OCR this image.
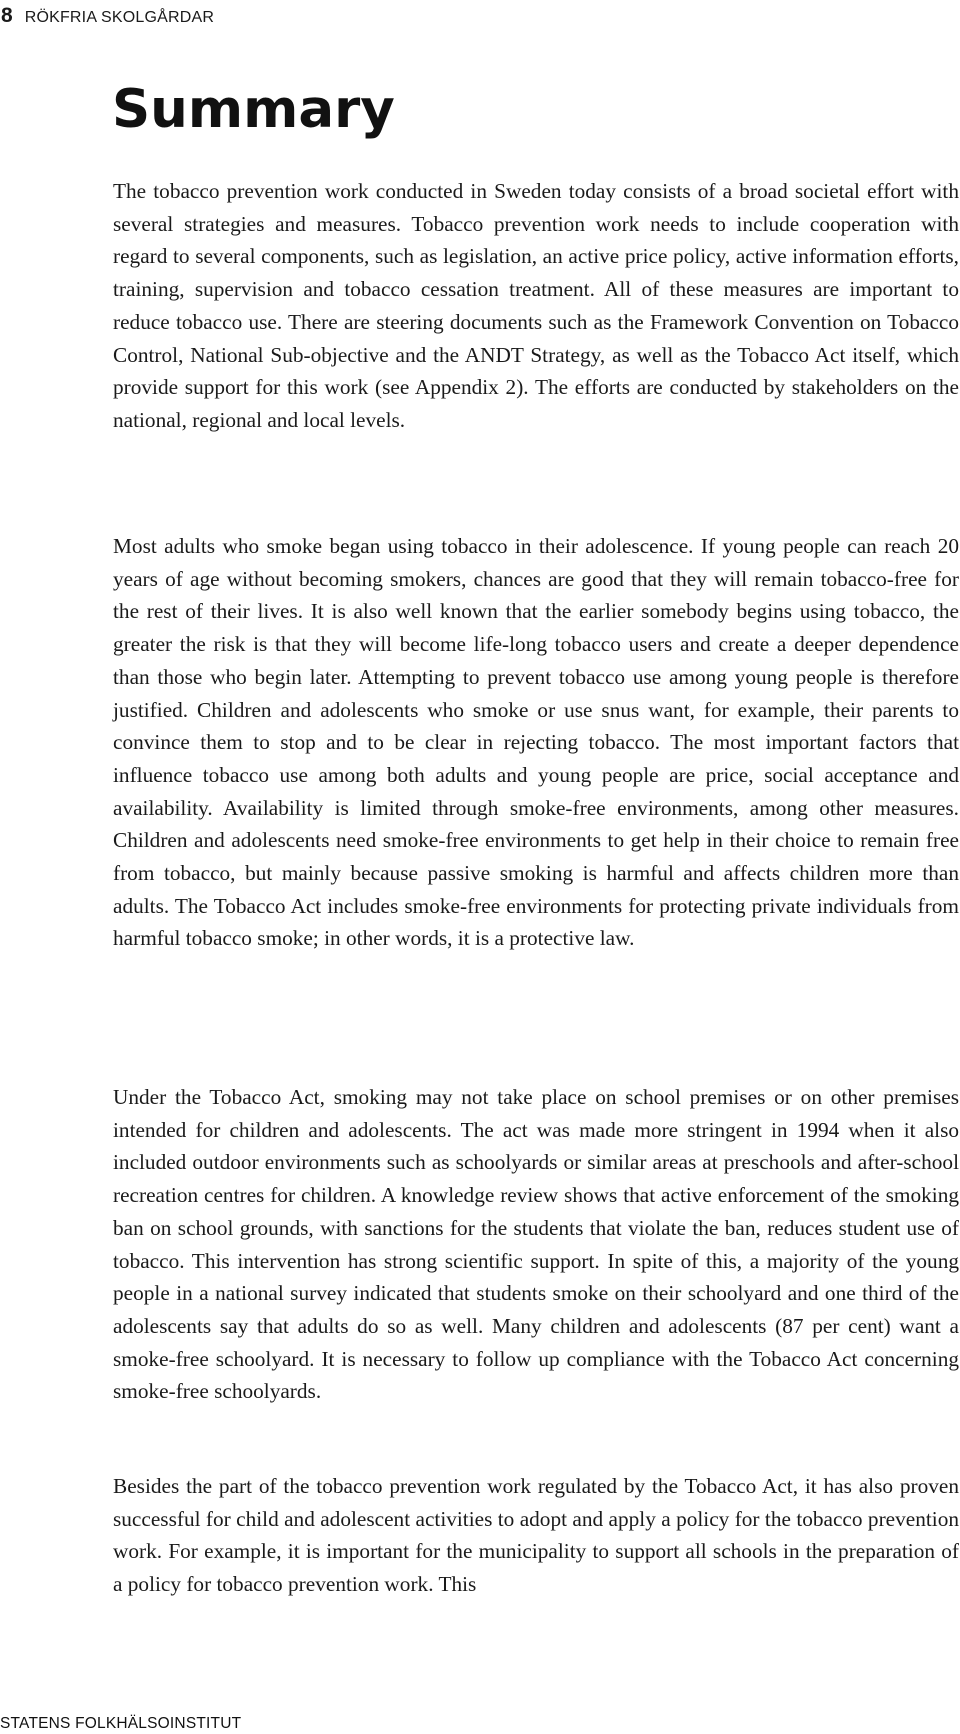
8 RÖKFRIA SKOLGÅRDAR
Summary

The tobacco prevention work conducted in Sweden today consists of a broad societal effort with several strategies and measures. Tobacco prevention work needs to include cooperation with regard to several components, such as legislation, an active price policy, active information efforts, training, supervision and tobacco cessation treatment. All of these measures are important to reduce tobacco use. There are steering documents such as the Framework Convention on Tobacco Control, National Sub-objective and the ANDT Strategy, as well as the Tobacco Act itself, which provide support for this work (see Appendix 2). The efforts are conducted by stakeholders on the national, regional and local levels.

Most adults who smoke began using tobacco in their adolescence. If young people can reach 20 years of age without becoming smokers, chances are good that they will remain tobacco-free for the rest of their lives. It is also well known that the earlier somebody begins using tobacco, the greater the risk is that they will become life-long tobacco users and create a deeper dependence than those who begin later. Attempting to prevent tobacco use among young people is therefore justified. Children and adolescents who smoke or use snus want, for example, their parents to convince them to stop and to be clear in rejecting tobacco. The most important factors that influence tobacco use among both adults and young people are price, social acceptance and availability. Availability is limited through smoke-free environments, among other measures. Children and adolescents need smoke-free environments to get help in their choice to remain free from tobacco, but mainly because passive smoking is harmful and affects children more than adults. The Tobacco Act includes smoke-free environments for protecting private individuals from harmful tobacco smoke; in other words, it is a protective law.

Under the Tobacco Act, smoking may not take place on school premises or on other premises intended for children and adolescents. The act was made more stringent in 1994 when it also included outdoor environments such as schoolyards or similar areas at preschools and after-school recreation centres for children. A knowledge review shows that active enforcement of the smoking ban on school grounds, with sanctions for the students that violate the ban, reduces student use of tobacco. This intervention has strong scientific support. In spite of this, a majority of the young people in a national survey indicated that students smoke on their schoolyard and one third of the adolescents say that adults do so as well. Many children and adolescents (87 per cent) want a smoke-free schoolyard. It is necessary to follow up compliance with the Tobacco Act concerning smoke-free schoolyards.

Besides the part of the tobacco prevention work regulated by the Tobacco Act, it has also proven successful for child and adolescent activities to adopt and apply a policy for the tobacco prevention work. For example, it is important for the municipality to support all schools in the preparation of a policy for tobacco prevention work. This

STATENS FOLKHÄLSOINSTITUT
